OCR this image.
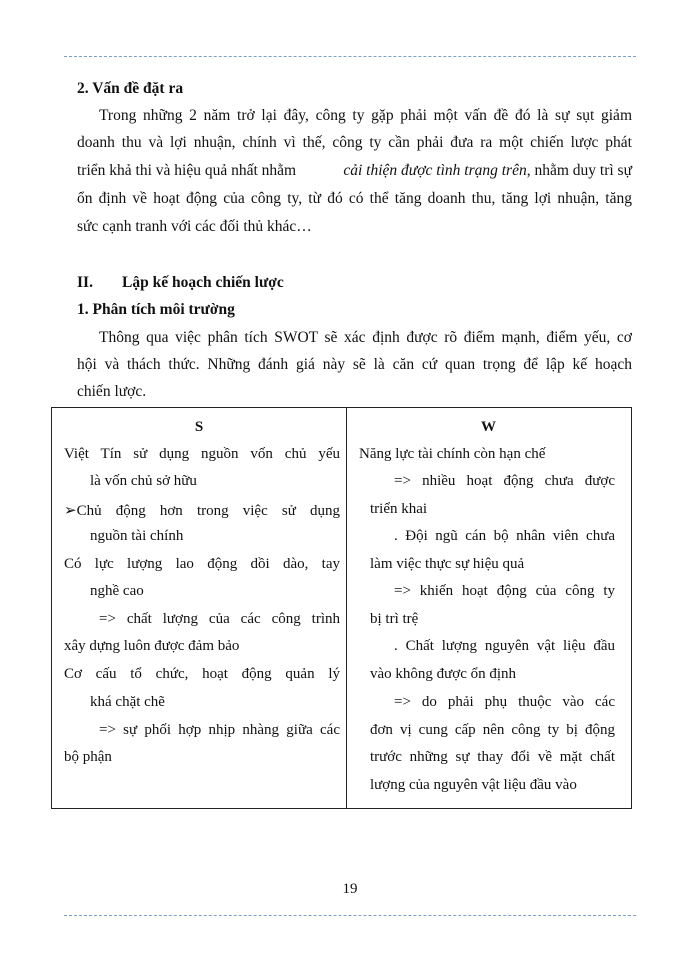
2. Vấn đề đặt ra
Trong những 2 năm trở lại đây, công ty gặp phải một vấn đề đó là sự sụt giảm
doanh thu và lợi nhuận, chính vì thế, công ty cần phải đưa ra một chiến lược phát
triển khả thi và hiệu quả nhất nhằm	cải thiện được tình trạng trên , nhằm duy trì sự
ổn định về hoạt động của công ty, từ đó có thể tăng doanh thu, tăng lợi nhuận, tăng
sức cạnh tranh với các đối thủ khác…
II. Lập kế hoạch chiến lược
1. Phân tích môi trường
Thông qua việc phân tích SWOT sẽ xác định được rõ điểm mạnh, điểm yếu, cơ
hội và thách thức. Những đánh giá này sẽ là căn cứ quan trọng để lập kế hoạch
chiến lược.
S	W
Việt Tín sử dụng nguồn vốn chủ yếu
là vốn chủ sở hữu
➢Chủ động hơn trong việc sử dụng
nguồn tài chính
Có lực lượng lao động dồi dào, tay
nghề cao
=> chất lượng của các công trình
xây dựng luôn được đảm bảo
Cơ cấu tổ chức, hoạt động quản lý
khá chặt chẽ
=> sự phối hợp nhịp nhàng giữa các
bộ phận
Năng lực tài chính còn hạn chế
=> nhiều hoạt động chưa được
triển khai
. Đội ngũ cán bộ nhân viên chưa
làm việc thực sự hiệu quả
=> khiến hoạt động của công ty
bị trì trệ
. Chất lượng nguyên vật liệu đầu
vào không được ổn định
=> do phải phụ thuộc vào các
đơn vị cung cấp nên công ty bị động
trước những sự thay đổi về mặt chất
lượng của nguyên vật liệu đầu vào
19
